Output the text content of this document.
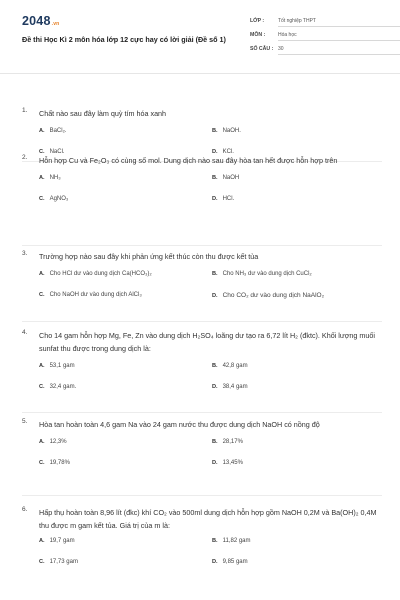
2048.vn
Đề thi Học Kì 2 môn hóa lớp 12 cực hay có lời giải (Đề số 1)
LỚP :	Tốt nghiệp THPT
MÔN :	Hóa học
SỐ CÂU : 30
1. Chất nào sau đây làm quỳ tím hóa xanh
A. BaCl₂.	B. NaOH.
C. NaCl.	D. KCl.
2. Hỗn hợp Cu và Fe₂O₃ có cùng số mol. Dung dịch nào sau đây hòa tan hết được hỗn hợp trên
A. NH₃	B. NaOH
C. AgNO₃	D. HCl.
3. Trường hợp nào sau đây khi phản ứng kết thúc còn thu được kết tủa
A. Cho HCl dư vào dung dịch Ca(HCO₃)₂	B. Cho NH₃ dư vào dung dịch CuCl₂
C. Cho NaOH dư vào dung dịch AlCl₃	D. Cho CO₂ dư vào dung dịch NaAlO₂
4. Cho 14 gam hỗn hợp Mg, Fe, Zn vào dung dịch H₂SO₄ loãng dư tạo ra 6,72 lít H₂ (đktc). Khối lượng muối sunfat thu được trong dung dịch là:
A. 53,1 gam	B. 42,8 gam
C. 32,4 gam.	D. 38,4 gam
5. Hòa tan hoàn toàn 4,6 gam Na vào 24 gam nước thu được dung dịch NaOH có nồng độ
A. 12,3%	B. 28,17%
C. 19,78%	D. 13,45%
6. Hấp thụ hoàn toàn 8,96 lít (đkc) khí CO₂ vào 500ml dung dịch hỗn hợp gồm NaOH 0,2M và Ba(OH)₂ 0,4M thu được m gam kết tủa. Giá trị của m là:
A. 19,7 gam	B. 11,82 gam
C. 17,73 gam	D. 9,85 gam
